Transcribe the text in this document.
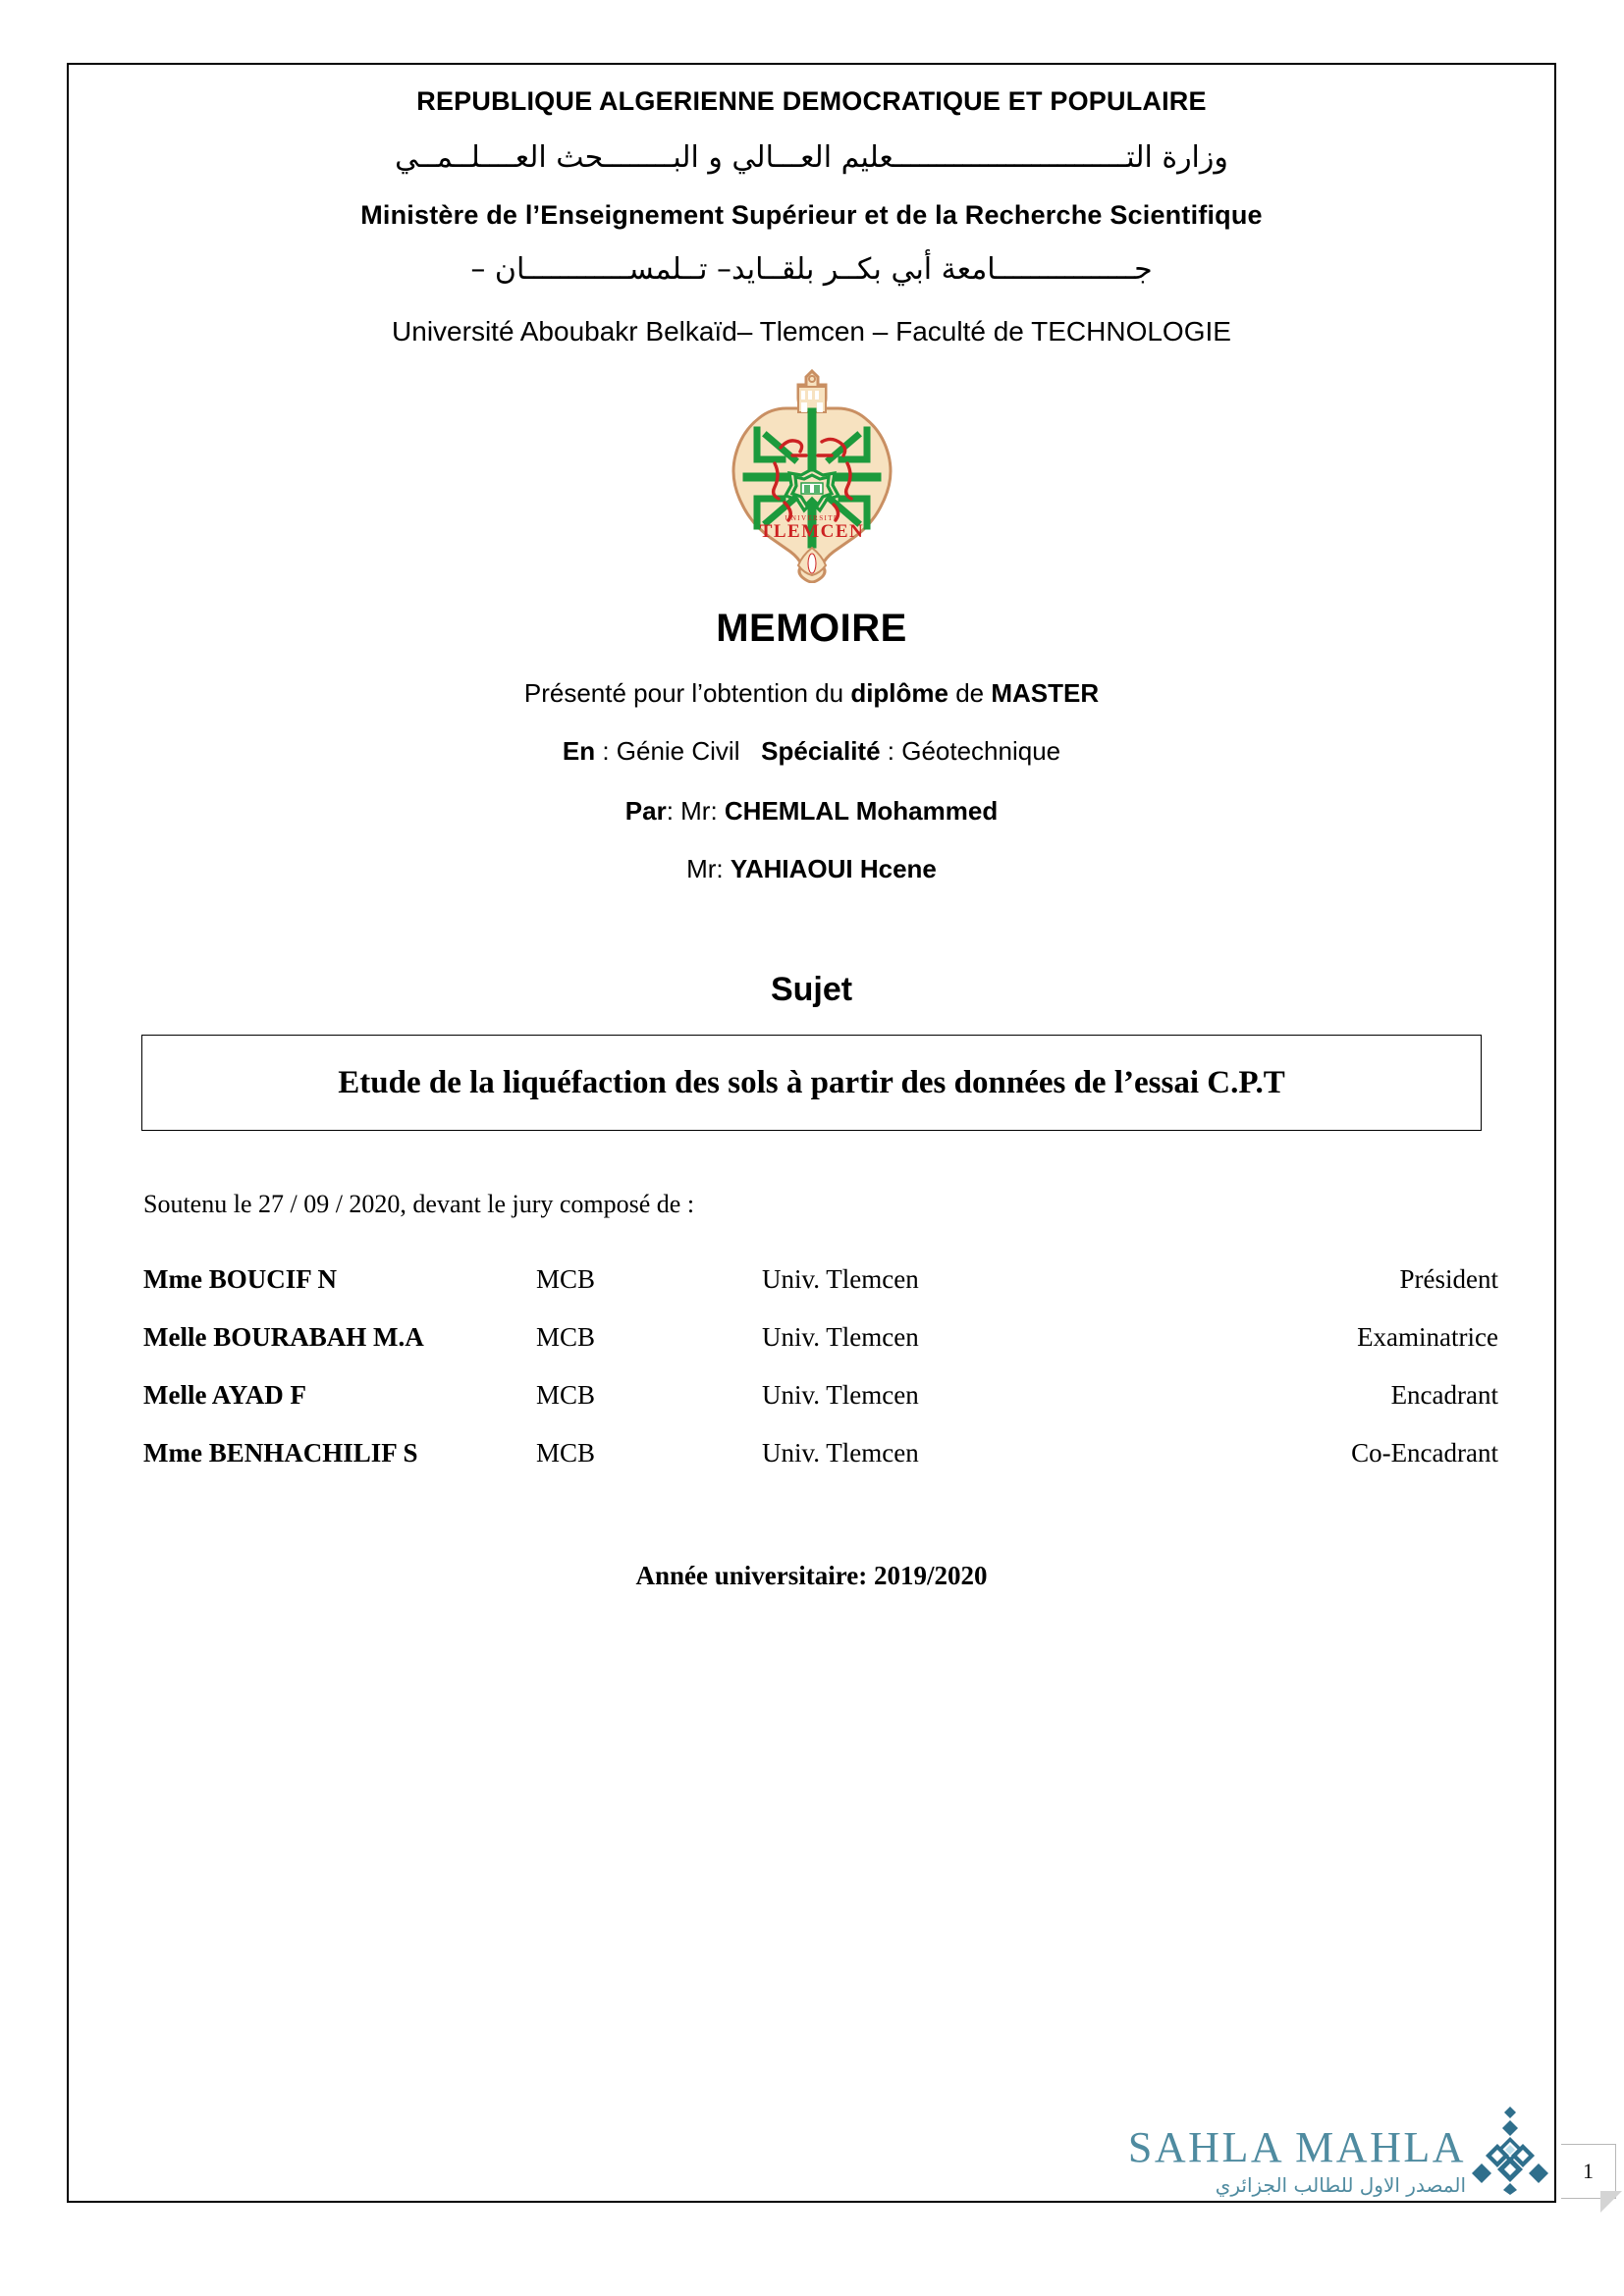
REPUBLIQUE ALGERIENNE DEMOCRATIQUE ET POPULAIRE
وزارة التـــــــــــــــــــــــــــعليم العـــالي و البــــــــحث العــــلــمــي
Ministère de l’Enseignement Supérieur et de la Recherche Scientifique
جــــــــــــــــامعة أبي بكــر بلقــايد– تــلمســــــــــــان –
Université Aboubakr Belkaïd– Tlemcen – Faculté de TECHNOLOGIE
UNIVERSITE
TLEMCEN
MEMOIRE
Présenté pour l’obtention du diplôme de MASTER
En : Génie Civil Spécialité : Géotechnique
Par: Mr: CHEMLAL Mohammed
Mr: YAHIAOUI Hcene
Sujet
Etude de la liquéfaction des sols à partir des données de l’essai C.P.T
Soutenu le 27 / 09 / 2020, devant le jury composé de :
Mme BOUCIF N	MCB	Univ. Tlemcen	Président
Melle BOURABAH M.A	MCB	Univ. Tlemcen	Examinatrice
Melle AYAD F	MCB	Univ. Tlemcen	Encadrant
Mme BENHACHILIF S	MCB	Univ. Tlemcen	Co-Encadrant
Année universitaire: 2019/2020
SAHLA MAHLA
المصدر الاول للطالب الجزائري
1
